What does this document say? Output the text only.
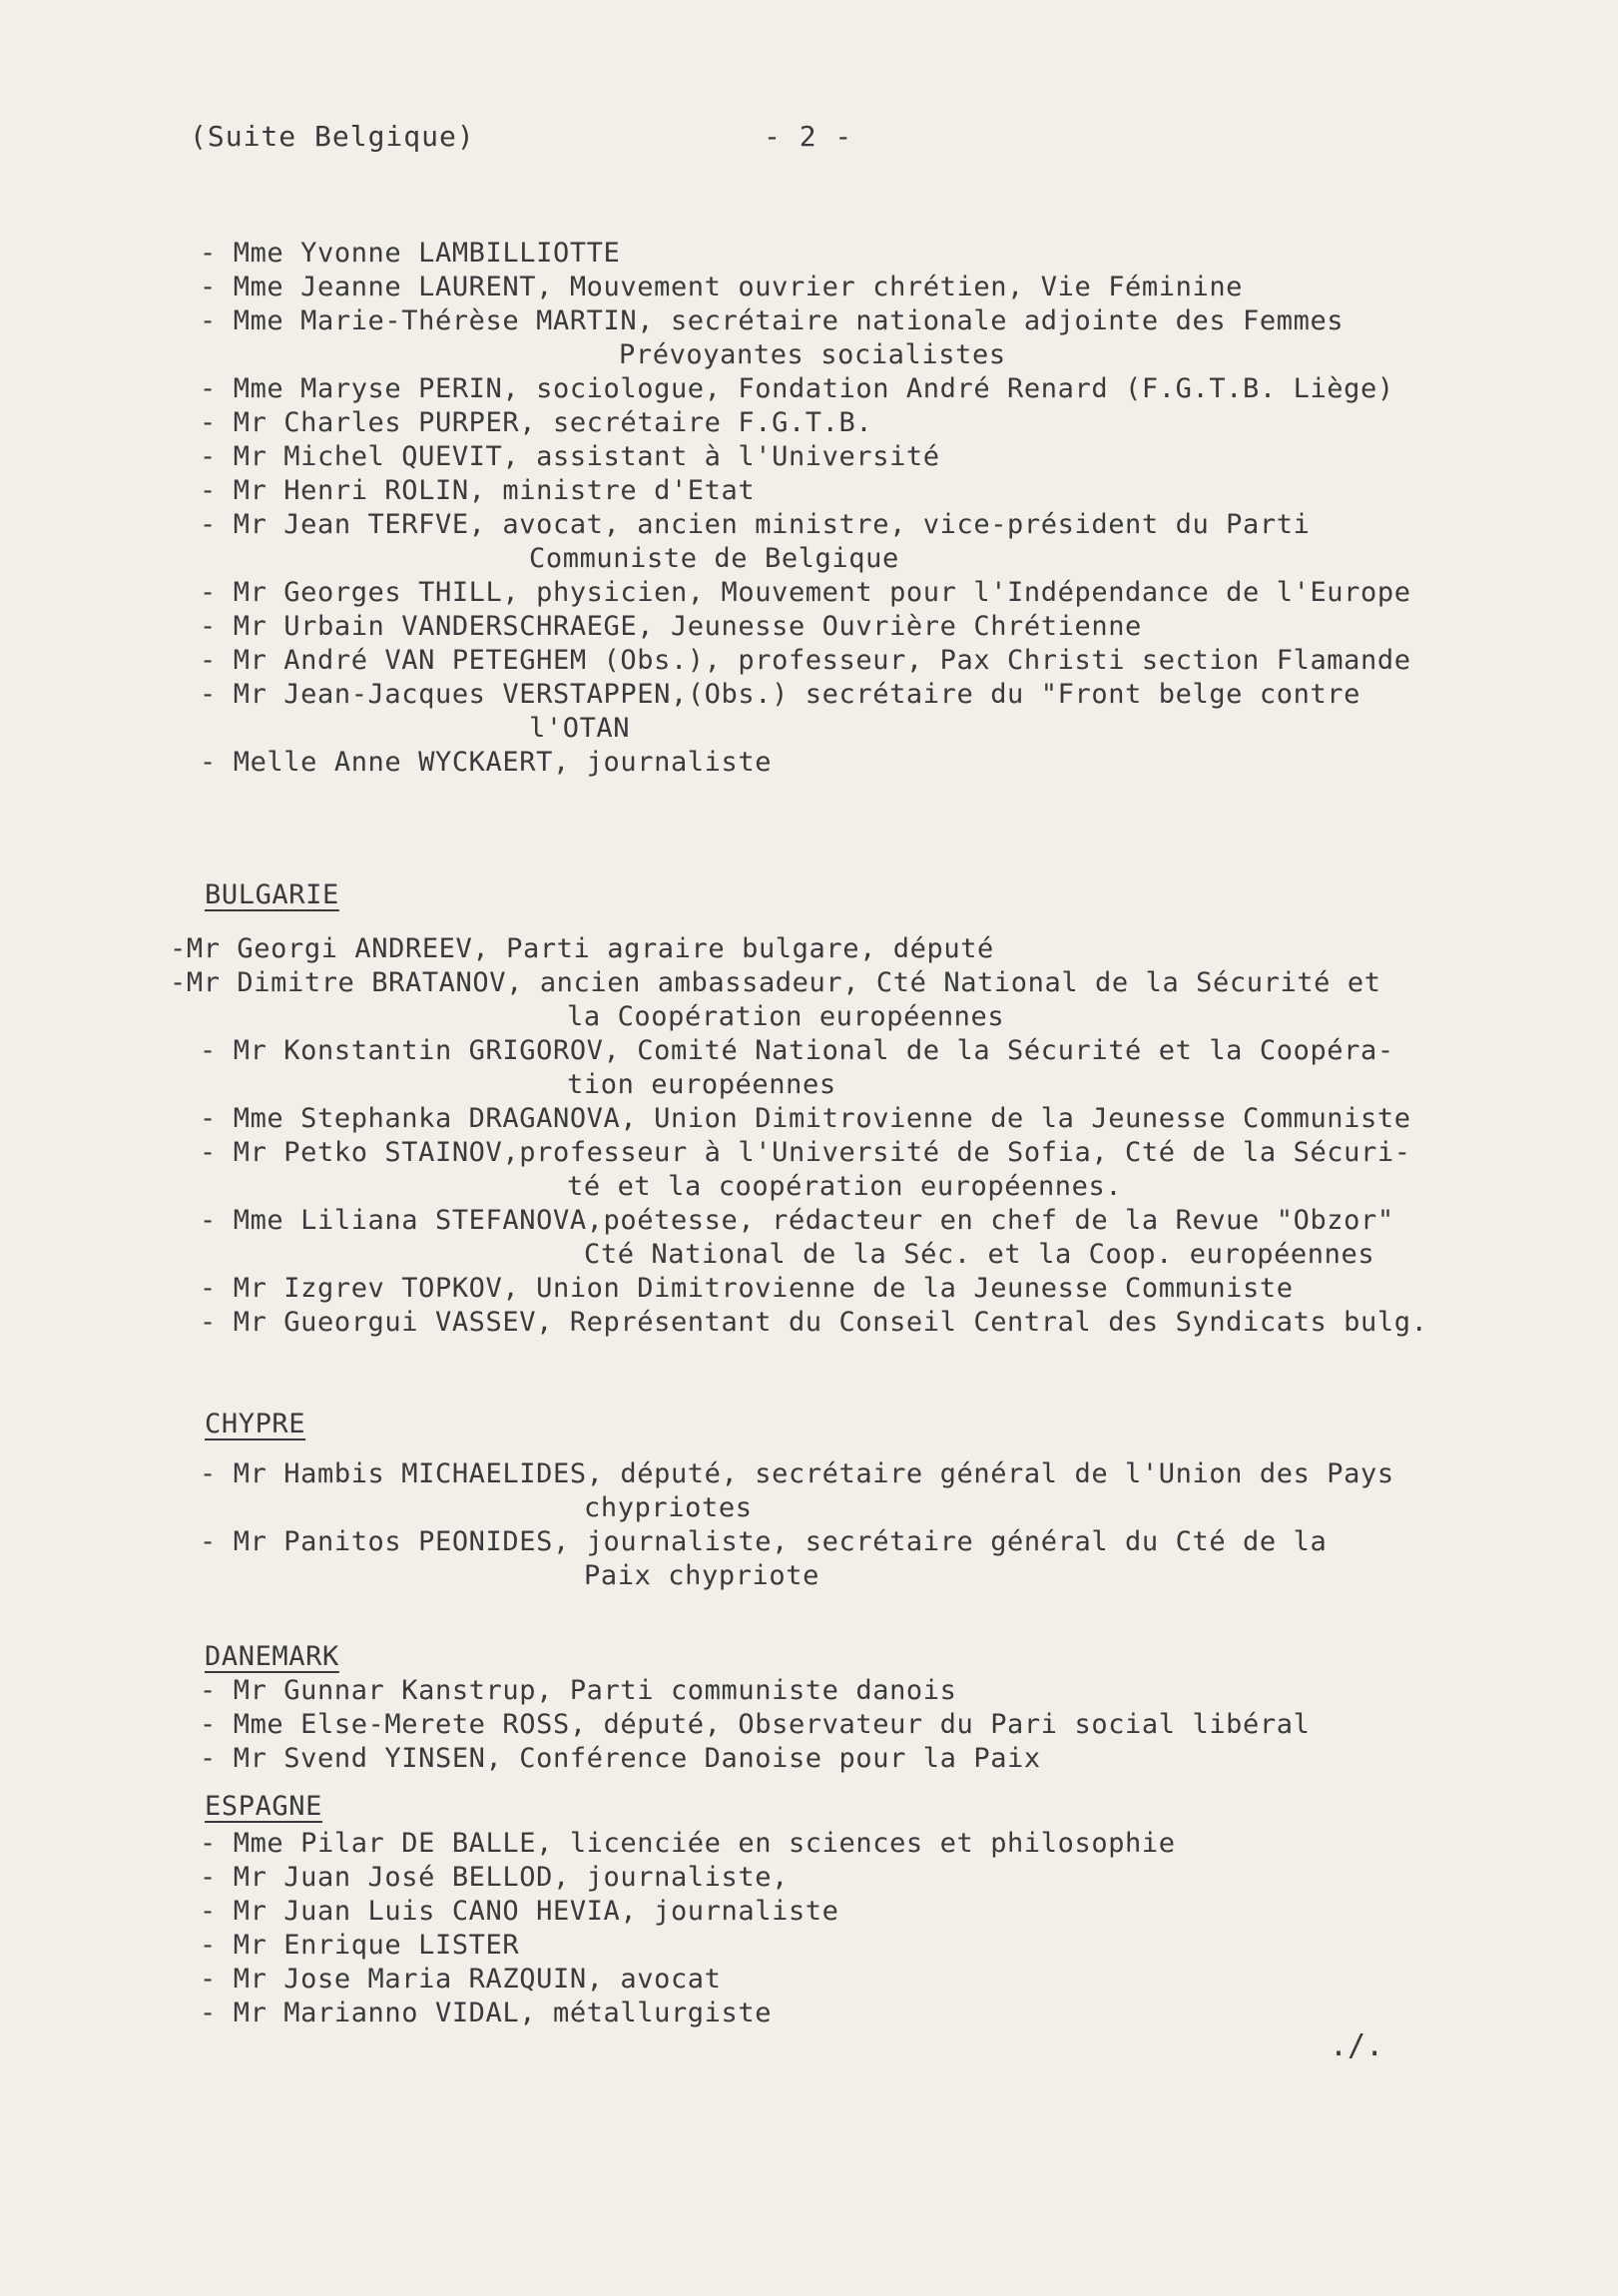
(Suite Belgique)	- 2 -
- Mme Yvonne LAMBILLIOTTE
- Mme Jeanne LAURENT, Mouvement ouvrier chrétien, Vie Féminine
- Mme Marie-Thérèse MARTIN, secrétaire nationale adjointe des Femmes
Prévoyantes socialistes
- Mme Maryse PERIN, sociologue, Fondation André Renard (F.G.T.B. Liège)
- Mr Charles PURPER, secrétaire F.G.T.B.
- Mr Michel QUEVIT, assistant à l'Université
- Mr Henri ROLIN, ministre d'Etat
- Mr Jean TERFVE, avocat, ancien ministre, vice-président du Parti
Communiste de Belgique
- Mr Georges THILL, physicien, Mouvement pour l'Indépendance de l'Europe
- Mr Urbain VANDERSCHRAEGE, Jeunesse Ouvrière Chrétienne
- Mr André VAN PETEGHEM (Obs.), professeur, Pax Christi section Flamande
- Mr Jean-Jacques VERSTAPPEN,(Obs.) secrétaire du "Front belge contre
l'OTAN
- Melle Anne WYCKAERT, journaliste
BULGARIE
-Mr Georgi ANDREEV, Parti agraire bulgare, député
-Mr Dimitre BRATANOV, ancien ambassadeur, Cté National de la Sécurité et
la Coopération européennes
- Mr Konstantin GRIGOROV, Comité National de la Sécurité et la Coopéra-
tion européennes
- Mme Stephanka DRAGANOVA, Union Dimitrovienne de la Jeunesse Communiste
- Mr Petko STAINOV,professeur à l'Université de Sofia, Cté de la Sécuri-
té et la coopération européennes.
- Mme Liliana STEFANOVA,poétesse, rédacteur en chef de la Revue "Obzor"
Cté National de la Séc. et la Coop. européennes
- Mr Izgrev TOPKOV, Union Dimitrovienne de la Jeunesse Communiste
- Mr Gueorgui VASSEV, Représentant du Conseil Central des Syndicats bulg.
CHYPRE
- Mr Hambis MICHAELIDES, député, secrétaire général de l'Union des Pays
chypriotes
- Mr Panitos PEONIDES, journaliste, secrétaire général du Cté de la
Paix chypriote
DANEMARK
- Mr Gunnar Kanstrup, Parti communiste danois
- Mme Else-Merete ROSS, député, Observateur du Pari social libéral
- Mr Svend YINSEN, Conférence Danoise pour la Paix
ESPAGNE
- Mme Pilar DE BALLE, licenciée en sciences et philosophie
- Mr Juan José BELLOD, journaliste,
- Mr Juan Luis CANO HEVIA, journaliste
- Mr Enrique LISTER
- Mr Jose Maria RAZQUIN, avocat
- Mr Marianno VIDAL, métallurgiste
./.
